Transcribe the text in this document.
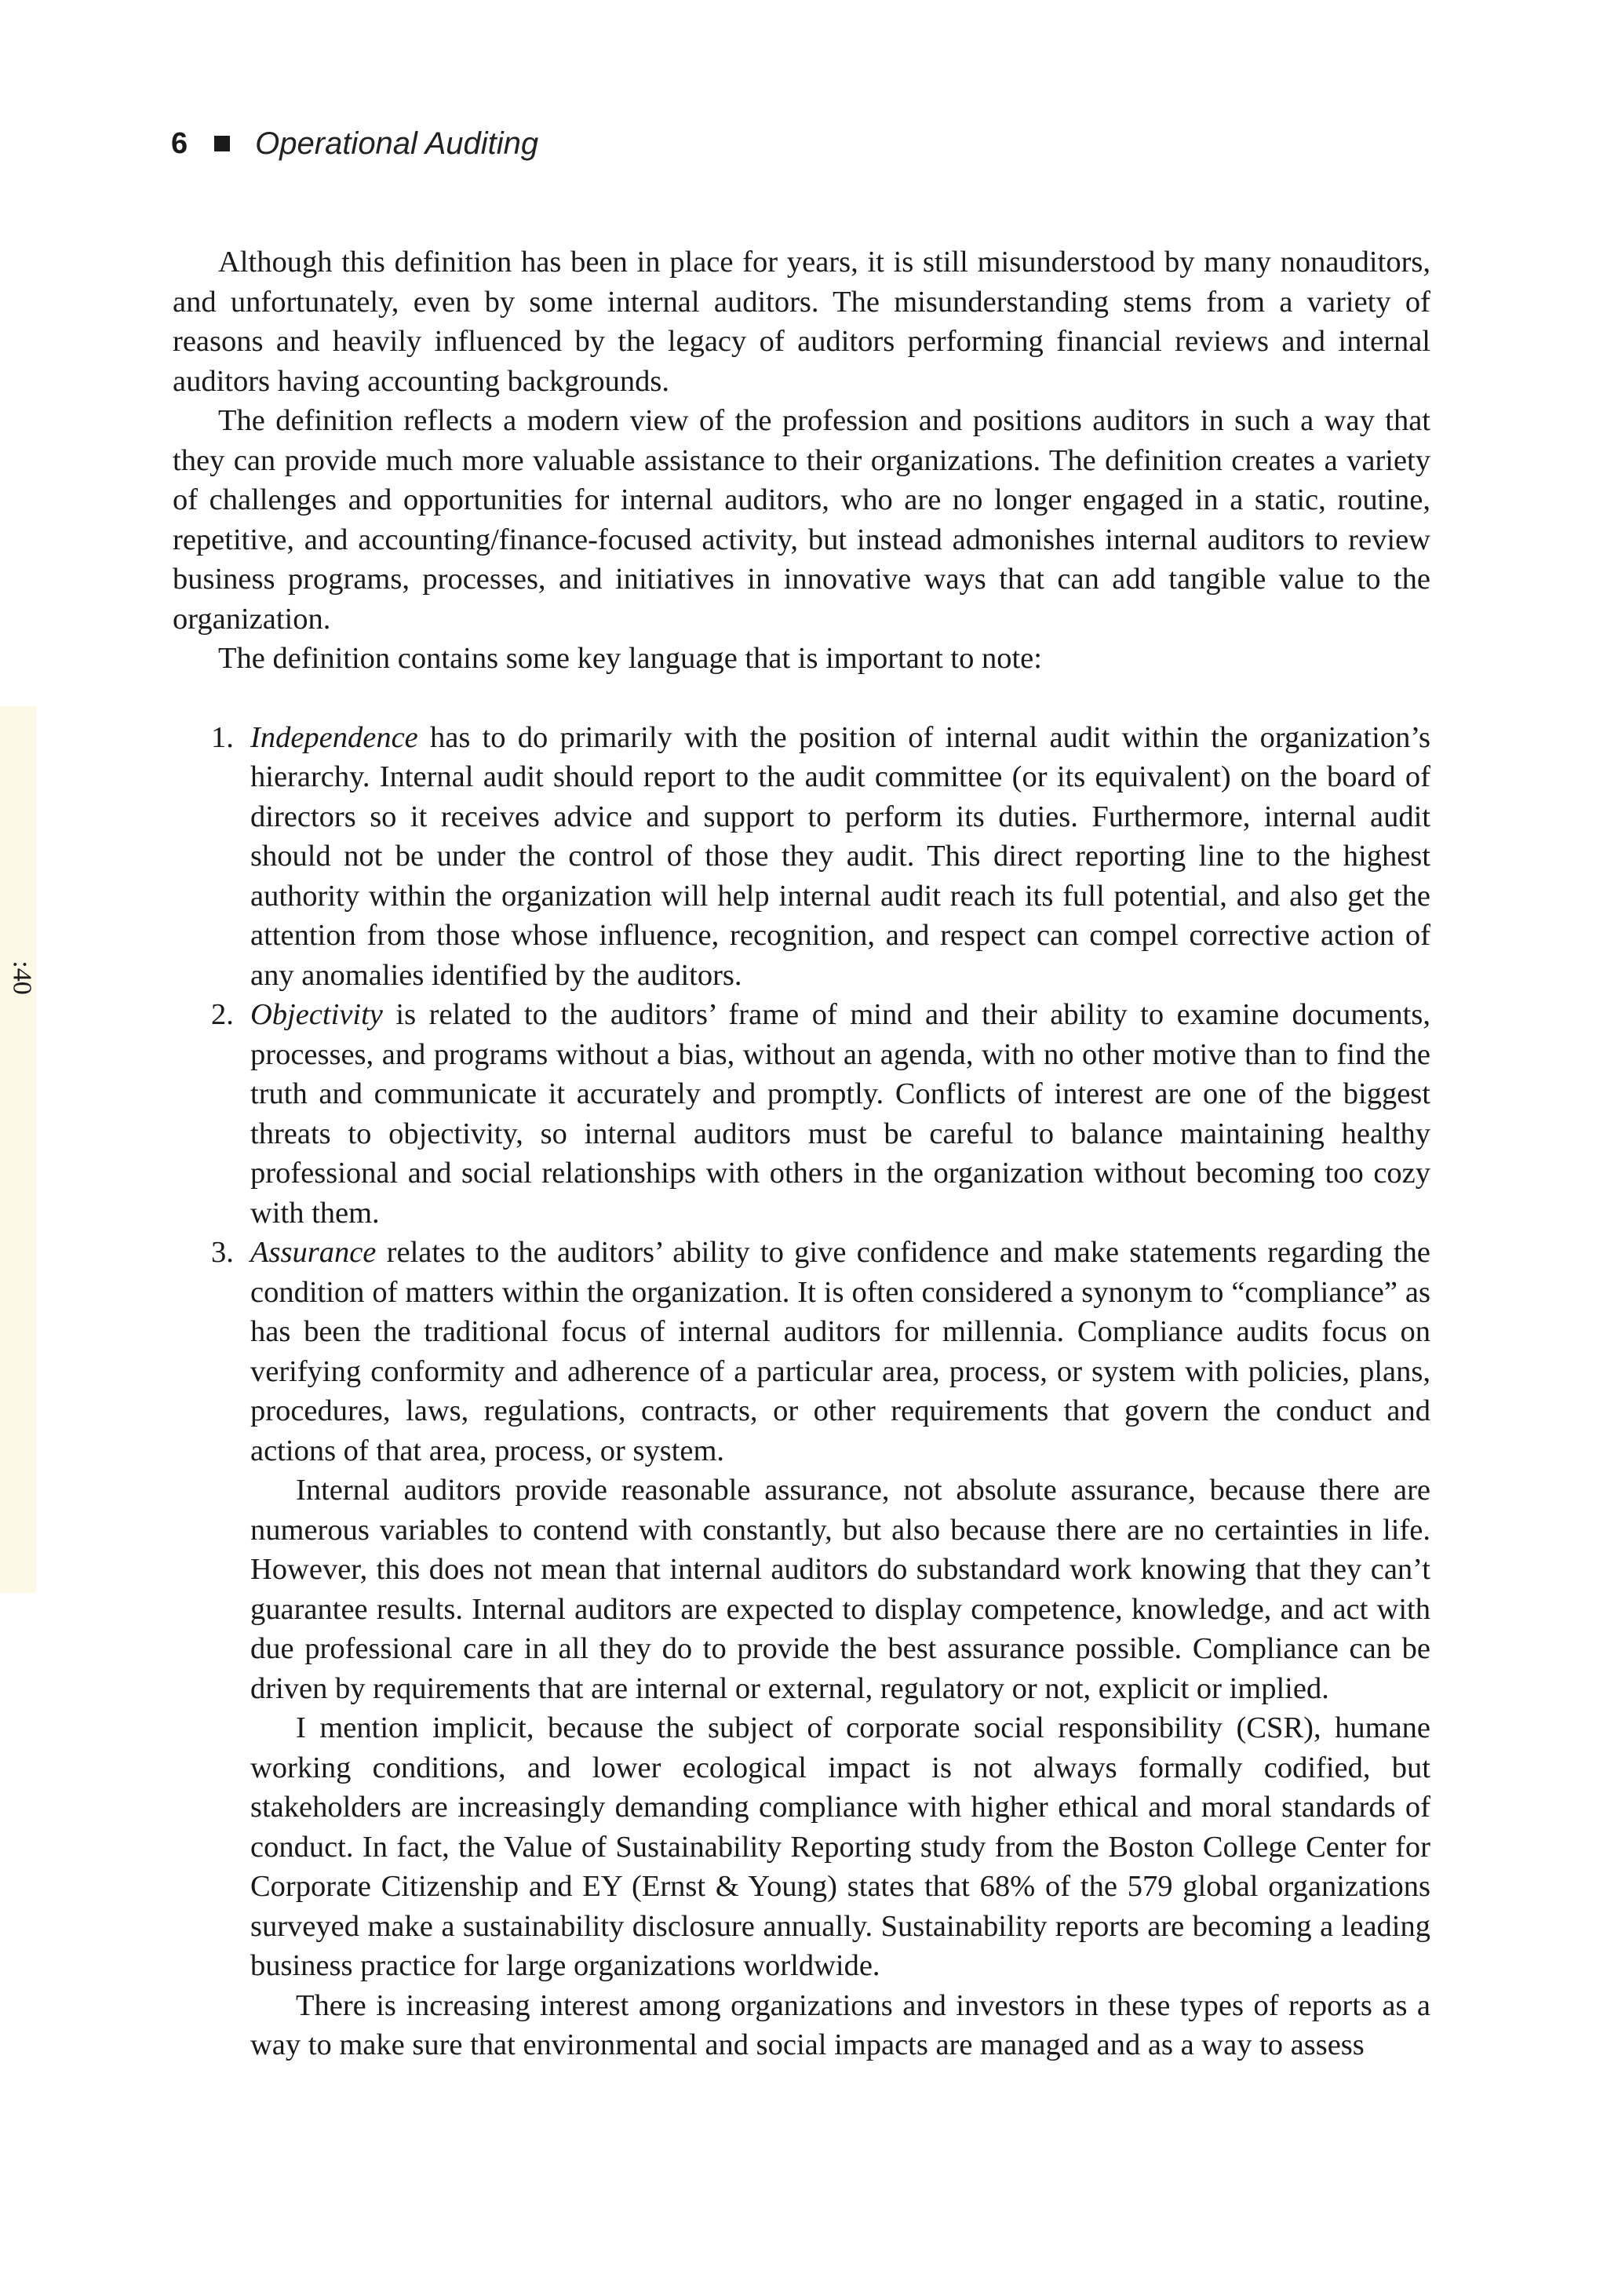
6 Operational Auditing
:40

Although this definition has been in place for years, it is still misunderstood by many nonauditors, and unfortunately, even by some internal auditors. The misunderstanding stems from a variety of reasons and heavily influenced by the legacy of auditors performing financial reviews and internal auditors having accounting backgrounds.

The definition reflects a modern view of the profession and positions auditors in such a way that they can provide much more valuable assistance to their organizations. The definition creates a variety of challenges and opportunities for internal auditors, who are no longer engaged in a static, routine, repetitive, and accounting/finance-focused activity, but instead admonishes internal auditors to review business programs, processes, and initiatives in innovative ways that can add tangible value to the organization.

The definition contains some key language that is important to note:

1. Independence has to do primarily with the position of internal audit within the organization’s hierarchy. Internal audit should report to the audit committee (or its equivalent) on the board of directors so it receives advice and support to perform its duties. Furthermore, internal audit should not be under the control of those they audit. This direct reporting line to the highest authority within the organization will help internal audit reach its full potential, and also get the attention from those whose influence, recognition, and respect can compel corrective action of any anomalies identified by the auditors.

2. Objectivity is related to the auditors’ frame of mind and their ability to examine documents, processes, and programs without a bias, without an agenda, with no other motive than to find the truth and communicate it accurately and promptly. Conflicts of interest are one of the biggest threats to objectivity, so internal auditors must be careful to balance maintaining healthy professional and social relationships with others in the organization without becoming too cozy with them.

3. Assurance relates to the auditors’ ability to give confidence and make statements regarding the condition of matters within the organization. It is often considered a synonym to “compliance” as has been the traditional focus of internal auditors for millennia. Compliance audits focus on verifying conformity and adherence of a particular area, process, or system with policies, plans, procedures, laws, regulations, contracts, or other requirements that govern the conduct and actions of that area, process, or system.

Internal auditors provide reasonable assurance, not absolute assurance, because there are numerous variables to contend with constantly, but also because there are no certainties in life. However, this does not mean that internal auditors do substandard work knowing that they can’t guarantee results. Internal auditors are expected to display competence, knowledge, and act with due professional care in all they do to provide the best assurance possible. Compliance can be driven by requirements that are internal or external, regulatory or not, explicit or implied.

I mention implicit, because the subject of corporate social responsibility (CSR), humane working conditions, and lower ecological impact is not always formally codified, but stakeholders are increasingly demanding compliance with higher ethical and moral standards of conduct. In fact, the Value of Sustainability Reporting study from the Boston College Center for Corporate Citizenship and EY (Ernst & Young) states that 68% of the 579 global organizations surveyed make a sustainability disclosure annually. Sustainability reports are becoming a leading business practice for large organizations worldwide.

There is increasing interest among organizations and investors in these types of reports as a way to make sure that environmental and social impacts are managed and as a way to assess
